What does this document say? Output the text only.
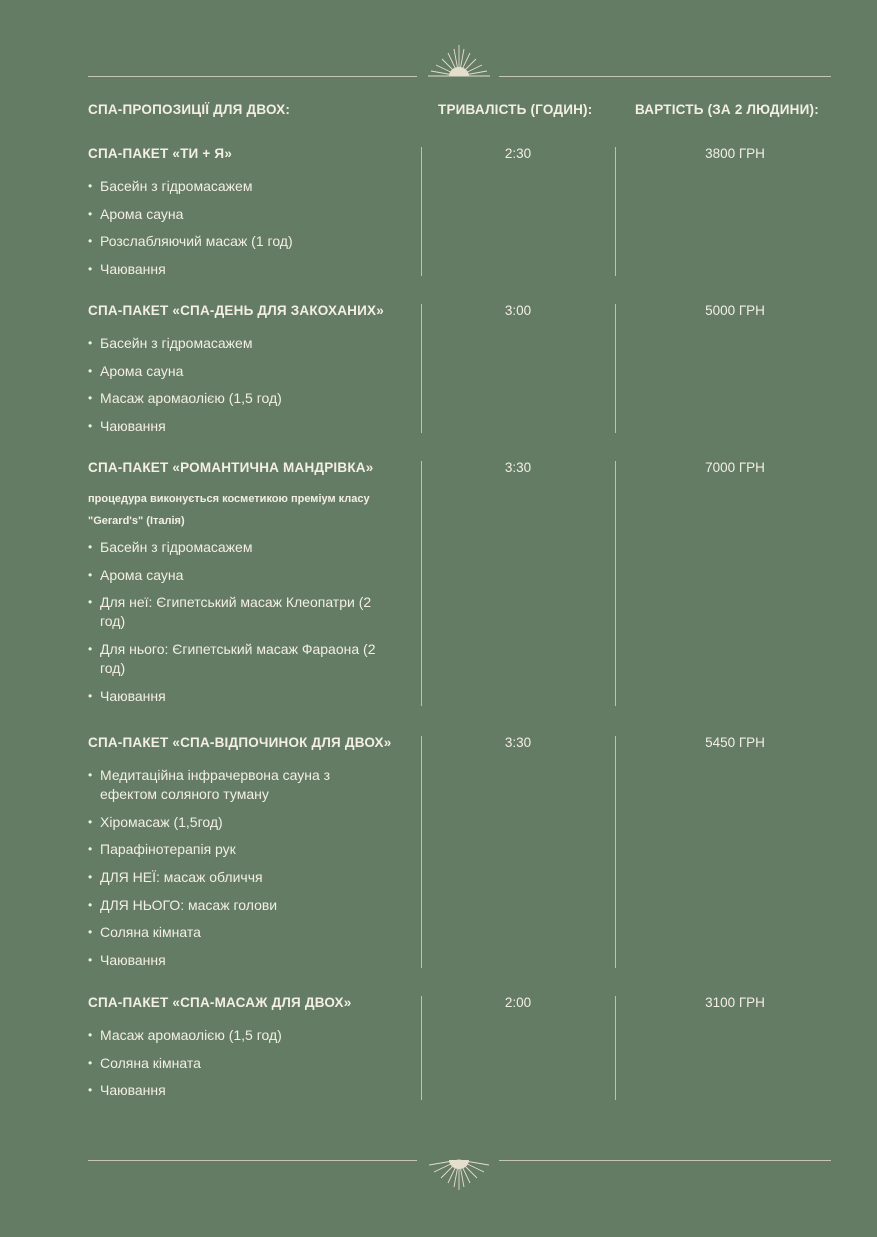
СПА-ПРОПОЗИЦІЇ ДЛЯ ДВОХ:	ТРИВАЛІСТЬ (ГОДИН):	ВАРТІСТЬ (ЗА 2 ЛЮДИНИ):
СПА-ПАКЕТ «ТИ + Я»	2:30	3800 ГРН
• Басейн з гідромасажем
• Арома сауна
• Розслабляючий масаж (1 год)
• Чаювання
СПА-ПАКЕТ «СПА-ДЕНЬ ДЛЯ ЗАКОХАНИХ»	3:00	5000 ГРН
• Басейн з гідромасажем
• Арома сауна
• Масаж аромаолією (1,5 год)
• Чаювання
СПА-ПАКЕТ «РОМАНТИЧНА МАНДРІВКА»	3:30	7000 ГРН
процедура виконується косметикою преміум класу "Gerard's" (Італія)
• Басейн з гідромасажем
• Арома сауна
• Для неї: Єгипетський масаж Клеопатри (2 год)
• Для нього: Єгипетський масаж Фараона (2 год)
• Чаювання
СПА-ПАКЕТ «СПА-ВІДПОЧИНОК ДЛЯ ДВОХ»	3:30	5450 ГРН
• Медитаційна інфрачервона сауна з ефектом соляного туману
• Хіромасаж (1,5год)
• Парафінотерапія рук
• ДЛЯ НЕЇ: масаж обличчя
• ДЛЯ НЬОГО: масаж голови
• Соляна кімната
• Чаювання
СПА-ПАКЕТ «СПА-МАСАЖ ДЛЯ ДВОХ»	2:00	3100 ГРН
• Масаж аромаолією (1,5 год)
• Соляна кімната
• Чаювання
